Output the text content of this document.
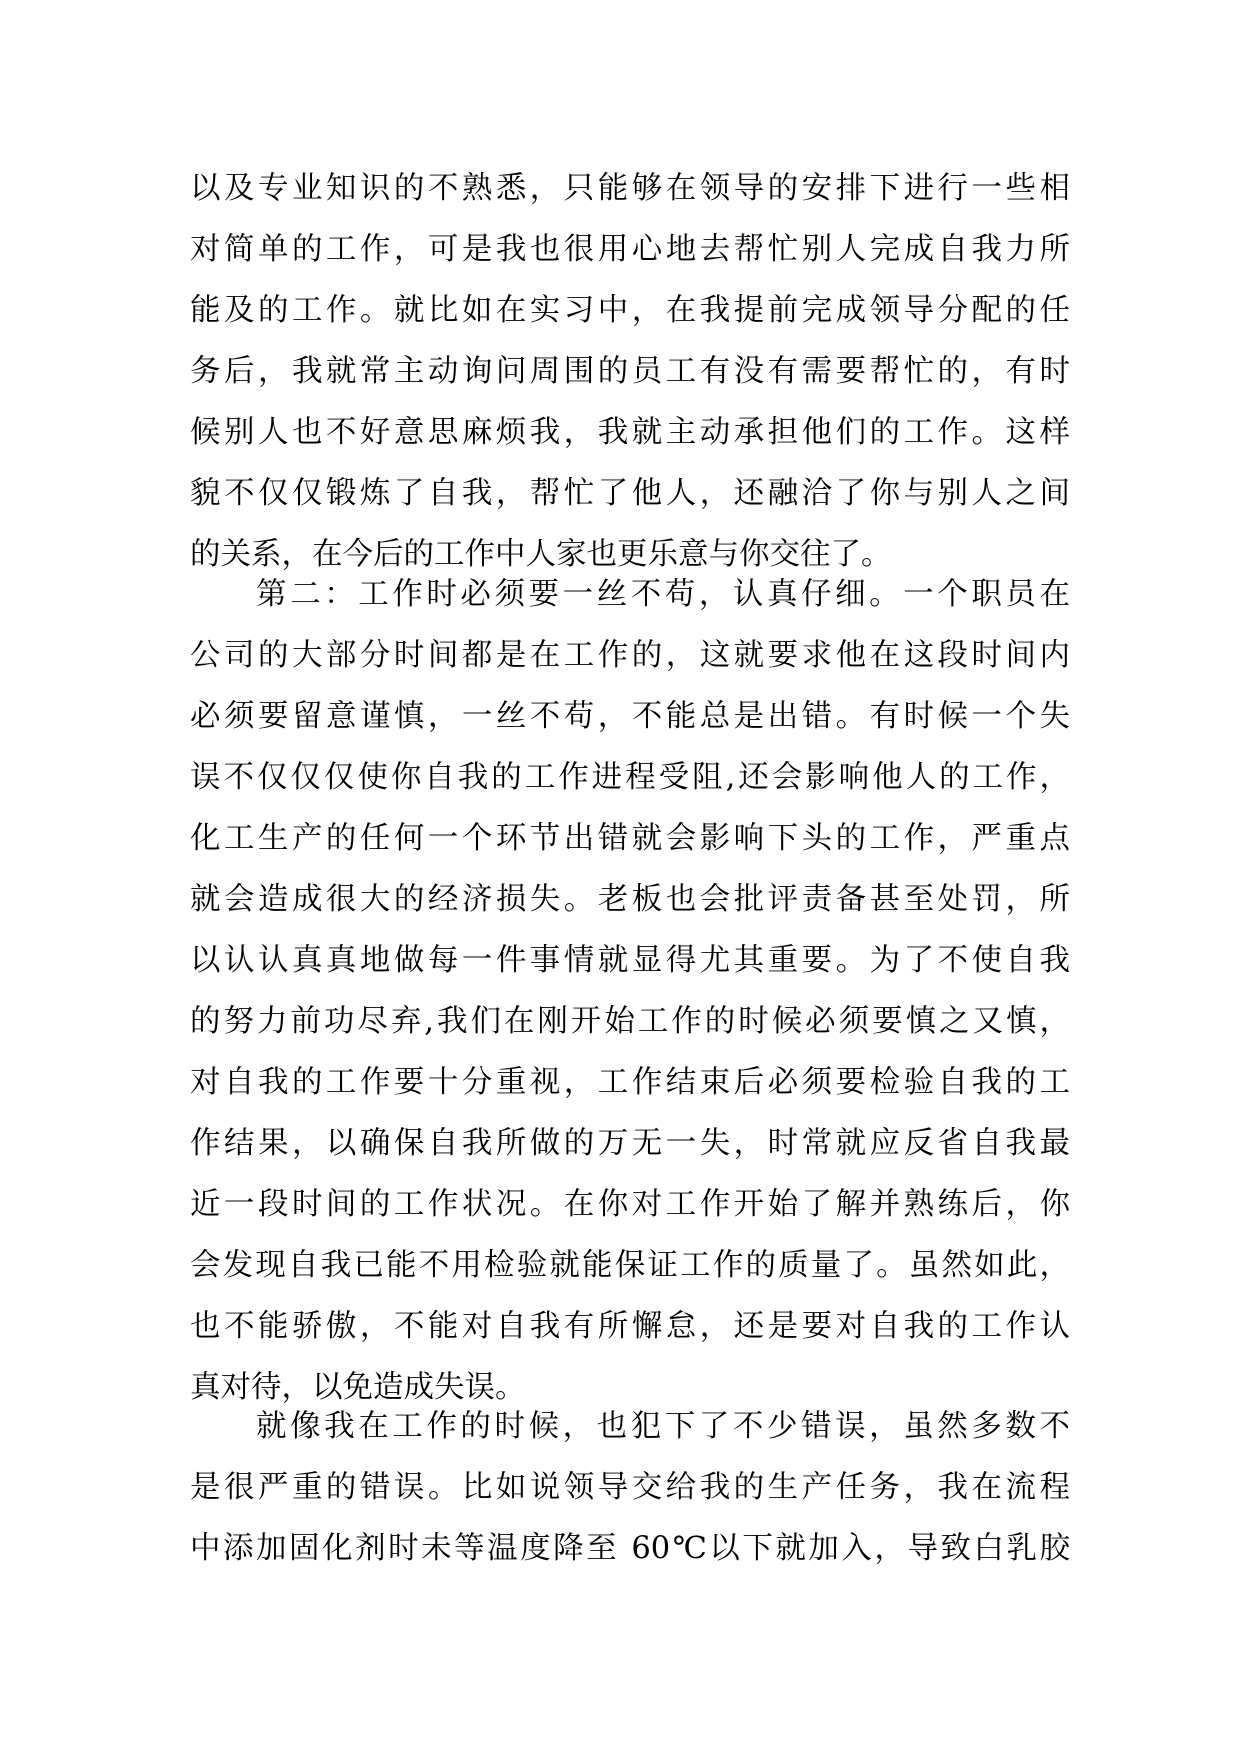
以及专业知识的不熟悉，只能够在领导的安排下进行一些相
对简单的工作，可是我也很用心地去帮忙别人完成自我力所
能及的工作。就比如在实习中，在我提前完成领导分配的任
务后，我就常主动询问周围的员工有没有需要帮忙的，有时
候别人也不好意思麻烦我，我就主动承担他们的工作。这样
貌不仅仅锻炼了自我，帮忙了他人，还融洽了你与别人之间
的关系，在今后的工作中人家也更乐意与你交往了。
第二：工作时必须要一丝不苟，认真仔细。一个职员在
公司的大部分时间都是在工作的，这就要求他在这段时间内
必须要留意谨慎，一丝不苟，不能总是出错。有时候一个失
误不仅仅仅使你自我的工作进程受阻,还会影响他人的工作，
化工生产的任何一个环节出错就会影响下头的工作，严重点
就会造成很大的经济损失。老板也会批评责备甚至处罚，所
以认认真真地做每一件事情就显得尤其重要。为了不使自我
的努力前功尽弃,我们在刚开始工作的时候必须要慎之又慎，
对自我的工作要十分重视，工作结束后必须要检验自我的工
作结果，以确保自我所做的万无一失，时常就应反省自我最
近一段时间的工作状况。在你对工作开始了解并熟练后，你
会发现自我已能不用检验就能保证工作的质量了。虽然如此，
也不能骄傲，不能对自我有所懈怠，还是要对自我的工作认
真对待，以免造成失误。
就像我在工作的时候，也犯下了不少错误，虽然多数不
是很严重的错误。比如说领导交给我的生产任务，我在流程
中添加固化剂时未等温度降至 60℃以下就加入，导致白乳胶
